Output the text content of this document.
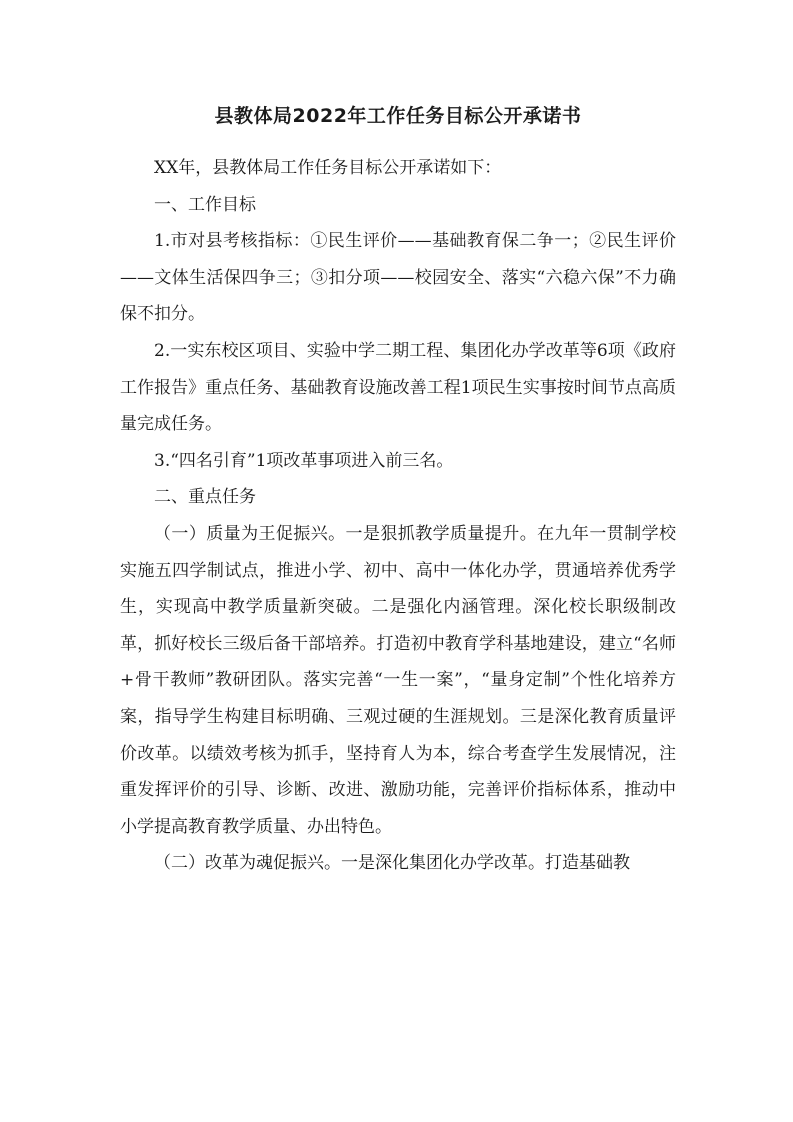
县教体局2022年工作任务目标公开承诺书

XX年，县教体局工作任务目标公开承诺如下：

一、工作目标

1.市对县考核指标：①民生评价——基础教育保二争一；②民生评价——文体生活保四争三；③扣分项——校园安全、落实“六稳六保”不力确保不扣分。

2.一实东校区项目、实验中学二期工程、集团化办学改革等6项《政府工作报告》重点任务、基础教育设施改善工程1项民生实事按时间节点高质量完成任务。

3.“四名引育”1项改革事项进入前三名。

二、重点任务

（一）质量为王促振兴。一是狠抓教学质量提升。在九年一贯制学校实施五四学制试点，推进小学、初中、高中一体化办学，贯通培养优秀学生，实现高中教学质量新突破。二是强化内涵管理。深化校长职级制改革，抓好校长三级后备干部培养。打造初中教育学科基地建设，建立“名师+骨干教师”教研团队。落实完善“一生一案”，“量身定制”个性化培养方案，指导学生构建目标明确、三观过硬的生涯规划。三是深化教育质量评价改革。以绩效考核为抓手，坚持育人为本，综合考查学生发展情况，注重发挥评价的引导、诊断、改进、激励功能，完善评价指标体系，推动中小学提高教育教学质量、办出特色。

（二）改革为魂促振兴。一是深化集团化办学改革。打造基础教
